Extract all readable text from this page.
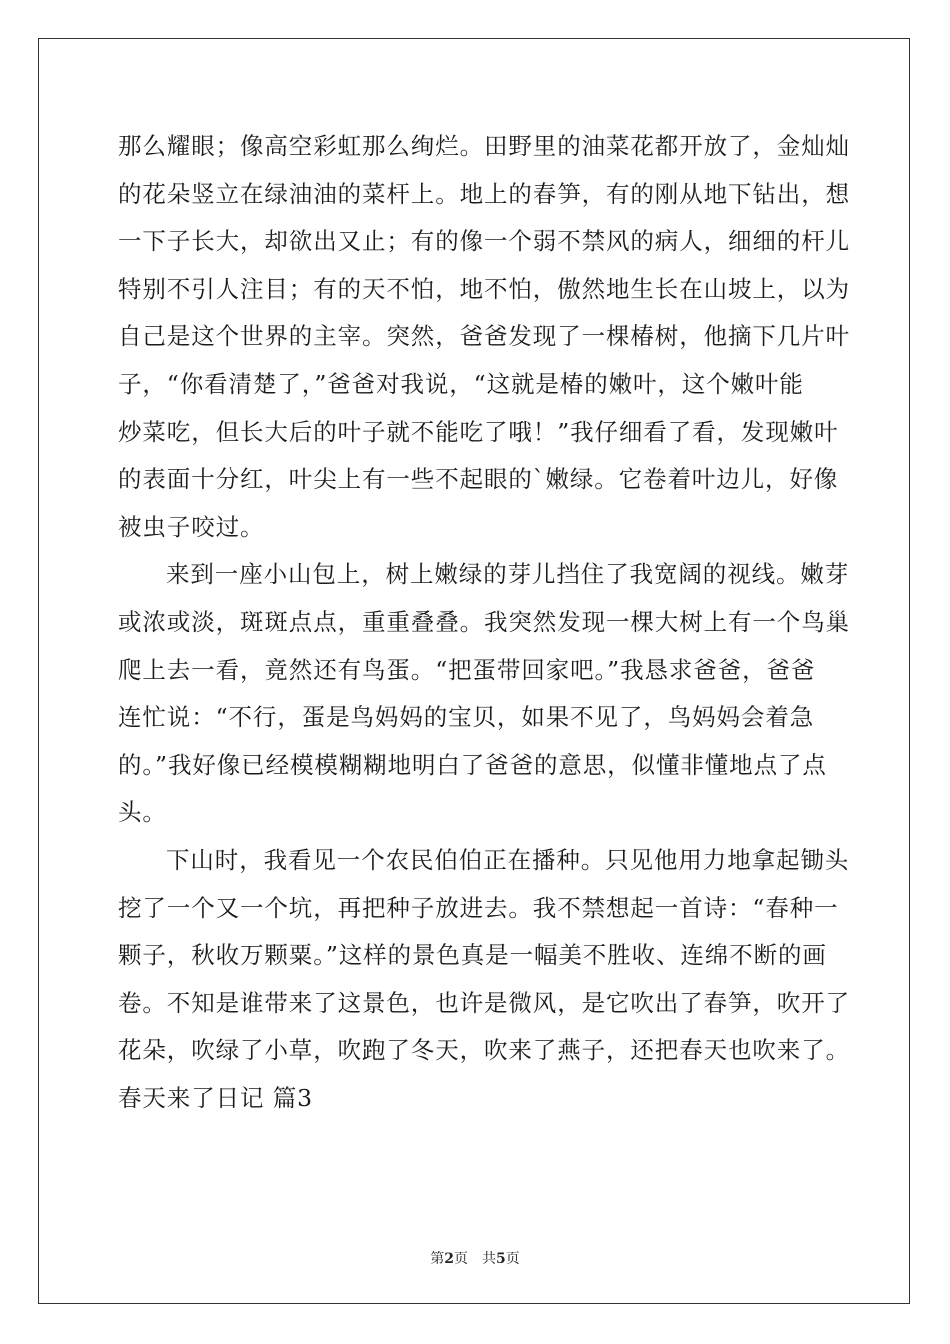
那么耀眼；像高空彩虹那么绚烂。田野里的油菜花都开放了，金灿灿
的花朵竖立在绿油油的菜杆上。地上的春笋，有的刚从地下钻出，想
一下子长大，却欲出又止；有的像一个弱不禁风的病人，细细的杆儿
特别不引人注目；有的天不怕，地不怕，傲然地生长在山坡上，以为
自己是这个世界的主宰。突然，爸爸发现了一棵椿树，他摘下几片叶
子，“你看清楚了，”爸爸对我说，“这就是椿的嫩叶，这个嫩叶能
炒菜吃，但长大后的叶子就不能吃了哦！”我仔细看了看，发现嫩叶
的表面十分红，叶尖上有一些不起眼的`嫩绿。它卷着叶边儿，好像
被虫子咬过。
来到一座小山包上，树上嫩绿的芽儿挡住了我宽阔的视线。嫩芽
或浓或淡，斑斑点点，重重叠叠。我突然发现一棵大树上有一个鸟巢
爬上去一看，竟然还有鸟蛋。“把蛋带回家吧。”我恳求爸爸，爸爸
连忙说：“不行，蛋是鸟妈妈的宝贝，如果不见了，鸟妈妈会着急
的。”我好像已经模模糊糊地明白了爸爸的意思，似懂非懂地点了点
头。
下山时，我看见一个农民伯伯正在播种。只见他用力地拿起锄头
挖了一个又一个坑，再把种子放进去。我不禁想起一首诗：“春种一
颗子，秋收万颗粟。”这样的景色真是一幅美不胜收、连绵不断的画
卷。不知是谁带来了这景色，也许是微风，是它吹出了春笋，吹开了
花朵，吹绿了小草，吹跑了冬天，吹来了燕子，还把春天也吹来了。
春天来了日记 篇3
第2页 共5页
